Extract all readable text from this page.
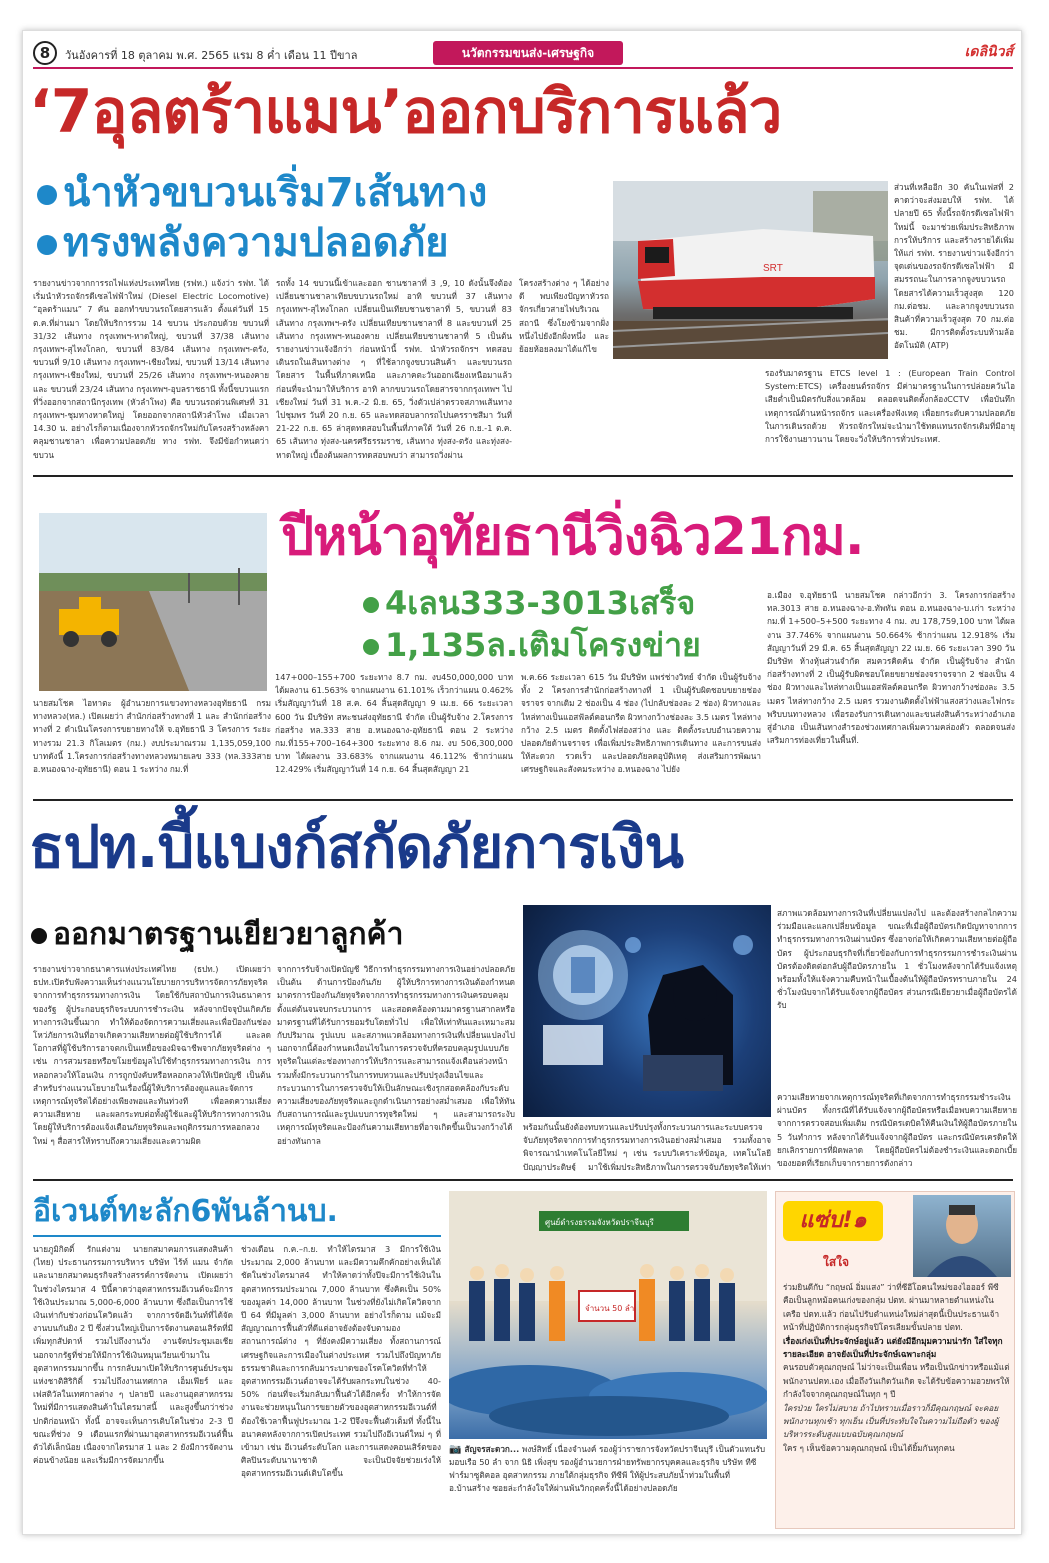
8	วันอังคารที่ 18 ตุลาคม พ.ศ. 2565 แรม 8 ค่ำ เดือน 11 ปีขาล	นวัตกรรมขนส่ง-เศรษฐกิจ	เดลินิวส์
‘7อุลตร้าแมน’ออกบริการแล้ว
นำหัวขบวนเริ่ม7เส้นทาง
ทรงพลังความปลอดภัย
SRT
รายงานข่าวจากการรถไฟแห่งประเทศไทย (รฟท.) แจ้งว่า รฟท. ได้เริ่มนำหัวรถจักรดีเซลไฟฟ้าใหม่ (Diesel Electric Locomotive) “อุลตร้าแมน” 7 คัน ออกทำขบวนรถโดยสารแล้ว ตั้งแต่วันที่ 15 ต.ค.ที่ผ่านมา โดยให้บริการรวม 14 ขบวน ประกอบด้วย ขบวนที่ 31/32 เส้นทาง กรุงเทพฯ-หาดใหญ่, ขบวนที่ 37/38 เส้นทาง กรุงเทพฯ-สุไหงโกลก, ขบวนที่ 83/84 เส้นทาง กรุงเทพฯ-ตรัง, ขบวนที่ 9/10 เส้นทาง กรุงเทพฯ-เชียงใหม่, ขบวนที่ 13/14 เส้นทาง กรุงเทพฯ-เชียงใหม่, ขบวนที่ 25/26 เส้นทาง กรุงเทพฯ-หนองคาย และ ขบวนที่ 23/24 เส้นทาง กรุงเทพฯ-อุบลราชธานี ทั้งนี้ขบวนแรกที่วิ่งออกจากสถานีกรุงเทพ (หัวลำโพง) คือ ขบวนรถด่วนพิเศษที่ 31 กรุงเทพฯ-ชุมทางหาดใหญ่ โดยออกจากสถานีหัวลำโพง เมื่อเวลา 14.30 น. อย่างไรก็ตามเนื่องจากหัวรถจักรใหม่กับโครงสร้างหลังคาคลุมชานชาลา เพื่อความปลอดภัย ทาง รฟท. จึงมีข้อกำหนดว่าขบวน
รถทั้ง 14 ขบวนนี้เข้าและออก ชานชาลาที่ 3 ,9, 10 ดังนั้นจึงต้องเปลี่ยนชานชาลาเทียบขบวนรถใหม่ อาทิ ขบวนที่ 37 เส้นทาง กรุงเทพฯ-สุไหงโกลก เปลี่ยนเป็นเทียบชานชาลาที่ 5, ขบวนที่ 83 เส้นทาง กรุงเทพฯ-ตรัง เปลี่ยนเทียบชานชาลาที่ 8 และขบวนที่ 25 เส้นทาง กรุงเทพฯ-หนองคาย เปลี่ยนเทียบชานชาลาที่ 5 เป็นต้น รายงานข่าวแจ้งอีกว่า ก่อนหน้านี้ รฟท. นำหัวรถจักรฯ ทดสอบเดินรถในเส้นทางต่าง ๆ ที่ใช้ลากจูงขบวนสินค้า และขบวนรถโดยสาร ในพื้นที่ภาคเหนือ และภาคตะวันออกเฉียงเหนือมาแล้ว ก่อนที่จะนำมาให้บริการ อาทิ ลากขบวนรถโดยสารจากกรุงเทพฯ ไปเชียงใหม่ วันที่ 31 พ.ค.-2 มิ.ย. 65, วิ่งตัวเปล่าตรวจสภาพเส้นทางไปชุมพร วันที่ 20 ก.ย. 65 และทดสอบลากรถไปนครราชสีมา วันที่ 21-22 ก.ย. 65 ล่าสุดทดสอบในพื้นที่ภาคใต้ วันที่ 26 ก.ย.-1 ต.ค. 65 เส้นทาง ทุ่งสง-นครศรีธรรมราช, เส้นทาง ทุ่งสง-ตรัง และทุ่งสง-หาดใหญ่ เบื้องต้นผลการทดสอบพบว่า สามารถวิ่งผ่าน
โครงสร้างต่าง ๆ ได้อย่างดี พบเพียงปัญหาหัวรถจักรเกี่ยวสายไฟบริเวณสถานี ซึ่งโยงข้ามจากฝั่งหนึ่งไปยังอีกฝั่งหนึ่ง และย้อยห้อยลงมาได้แก้ไข
ส่วนที่เหลืออีก 30 คันในเฟสที่ 2 คาดว่าจะส่งมอบให้ รฟท. ได้ปลายปี 65 ทั้งนี้รถจักรดีเซลไฟฟ้าใหม่นี้ จะมาช่วยเพิ่มประสิทธิภาพการให้บริการ และสร้างรายได้เพิ่มให้แก่ รฟท. รายงานข่าวแจ้งอีกว่า จุดเด่นของรถจักรดีเซลไฟฟ้า มีสมรรถนะในการลากจูงขบวนรถโดยสารได้ความเร็วสูงสุด 120 กม.ต่อชม. และลากจูงขบวนรถสินค้าที่ความเร็วสูงสุด 70 กม.ต่อ ชม. มีการติดตั้งระบบห้ามล้อ อัตโนมัติ (ATP)
รองรับมาตรฐาน ETCS level 1 : (European Train Control System:ETCS) เครื่องยนต์รถจักร มีค่ามาตรฐานในการปล่อยควันไอเสียต่ำเป็นมิตรกับสิ่งแวดล้อม ตลอดจนติดตั้งกล้องCCTV เพื่อบันทึกเหตุการณ์ด้านหน้ารถจักร และเครื่องฟังเหตุ เพื่อยกระดับความปลอดภัยในการเดินรถด้วย หัวรถจักรใหม่จะนำมาใช้ทดแทนรถจักรเดิมที่มีอายุการใช้งานยาวนาน โดยจะวิ่งให้บริการทั่วประเทศ.
ปีหน้าอุทัยธานีวิ่งฉิว21กม.
4เลน333-3013เสร็จ
1,135ล.เติมโครงข่าย
นายสมโชค ไอทาตะ ผู้อำนวยการแขวงทางหลวงอุทัยธานี กรมทางหลวง(ทล.) เปิดเผยว่า สำนักก่อสร้างทางที่ 1 และ สำนักก่อสร้างทางที่ 2 ดำเนินโครงการขยายทางให้ จ.อุทัยธานี 3 โครงการ ระยะทางรวม 21.3 กิโลเมตร (กม.) งบประมาณรวม 1,135,059,100 บาทดังนี้ 1.โครงการก่อสร้างทางหลวงหมายเลข 333 (ทล.333สาย อ.หนองฉาง-อุทัยธานี) ตอน 1 ระหว่าง กม.ที่
147+000–155+700 ระยะทาง 8.7 กม. งบ450,000,000 บาท ได้ผลงาน 61.563% จากแผนงาน 61.101% เร็วกว่าแผน 0.462% เริ่มสัญญาวันที่ 18 ส.ค. 64 สิ้นสุดสัญญา 9 เม.ย. 66 ระยะเวลา 600 วัน มีบริษัท สหะชนส่งอุทัยธานี จำกัด เป็นผู้รับจ้าง 2.โครงการก่อสร้าง ทล.333 สาย อ.หนองฉาง-อุทัยธานี ตอน 2 ระหว่าง กม.ที่155+700–164+300 ระยะทาง 8.6 กม. งบ 506,300,000 บาท ได้ผลงาน 33.683% จากแผนงาน 46.112% ช้ากว่าแผน 12.429% เริ่มสัญญาวันที่ 14 ก.ย. 64 สิ้นสุดสัญญา 21
พ.ค.66 ระยะเวลา 615 วัน มีบริษัท แพร่ช่างวิทย์ จำกัด เป็นผู้รับจ้าง ทั้ง 2 โครงการสำนักก่อสร้างทางที่ 1 เป็นผู้รับผิดชอบขยายช่องจราจร จากเดิม 2 ช่องเป็น 4 ช่อง (ไปกลับช่องละ 2 ช่อง) ผิวทางและไหล่ทางเป็นแอสฟัลต์คอนกรีต ผิวทางกว้างช่องละ 3.5 เมตร ไหล่ทางกว้าง 2.5 เมตร ติดตั้งไฟส่องสว่าง และ ติดตั้งระบบอำนวยความปลอดภัยด้านจราจร เพื่อเพิ่มประสิทธิภาพการเดินทาง และการขนส่งให้สะดวก รวดเร็ว และปลอดภัยลดอุบัติเหตุ ส่งเสริมการพัฒนาเศรษฐกิจและสังคมระหว่าง อ.หนองฉาง ไปยัง
อ.เมือง จ.อุทัยธานี นายสมโชค กล่าวอีกว่า 3. โครงการก่อสร้าง ทล.3013 สาย อ.หนองฉาง-อ.ทัพทัน ตอน อ.หนองฉาง-บ.เก่า ระหว่าง กม.ที่ 1+500–5+500 ระยะทาง 4 กม. งบ 178,759,100 บาท ได้ผลงาน 37.746% จากแผนงาน 50.664% ช้ากว่าแผน 12.918% เริ่มสัญญาวันที่ 29 มี.ค. 65 สิ้นสุดสัญญา 22 เม.ย. 66 ระยะเวลา 390 วัน มีบริษัท ห้างหุ้นส่วนจำกัด สมควรคิดค้น จำกัด เป็นผู้รับจ้าง สำนักก่อสร้างทางที่ 2 เป็นผู้รับผิดชอบโดยขยายช่องจราจรจาก 2 ช่องเป็น 4 ช่อง ผิวทางและไหล่ทางเป็นแอสฟัลต์คอนกรีต ผิวทางกว้างช่องละ 3.5 เมตร ไหล่ทางกว้าง 2.5 เมตร รวมงานติดตั้งไฟฟ้าแสงสว่างและไฟกระพริบบนทางหลวง เพื่อรองรับการเดินทางและขนส่งสินค้าระหว่างอำเภอสู่อำเภอ เป็นเส้นทางสำรองช่วงเทศกาลเพิ่มความคล่องตัว ตลอดจนส่งเสริมการท่องเที่ยวในพื้นที่.
ธปท.บี้แบงก์สกัดภัยการเงิน
ออกมาตรฐานเยียวยาลูกค้า
รายงานข่าวจากธนาคารแห่งประเทศไทย (ธปท.) เปิดเผยว่า ธปท.เปิดรับฟังความเห็นร่างแนวนโยบายการบริหารจัดการภัยทุจริตจากการทำธุรกรรมทางการเงิน โดยใช้กับสถาบันการเงินธนาคารของรัฐ ผู้ประกอบธุรกิจระบบการชำระเงิน หลังจากปัจจุบันเกิดภัยทางการเงินขึ้นมาก ทำให้ต้องจัดการความเสี่ยงและเพื่อป้องกันช่องโหว่ภัยการเงินที่อาจเกิดความเสียหายต่อผู้ใช้บริการได้ และลดโอกาสที่ผู้ใช้บริการอาจตกเป็นเหยื่อของมิจฉาชีพจากภัยทุจริตต่าง ๆ เช่น การสวมรอยหรือขโมยข้อมูลไปใช้ทำธุรกรรมทางการเงิน การหลอกลวงให้โอนเงิน การถูกบังคับหรือหลอกลวงให้เปิดบัญชี เป็นต้น สำหรับร่างแนวนโยบายในเรื่องนี้ผู้ให้บริการต้องดูแลและจัดการเหตุการณ์ทุจริตได้อย่างเพียงพอและทันท่วงที เพื่อลดความเสี่ยง ความเสียหาย และผลกระทบต่อทั้งผู้ใช้และผู้ให้บริการทางการเงิน โดยผู้ให้บริการต้องแจ้งเตือนภัยทุจริตและพฤติกรรมการหลอกลวงใหม่ ๆ สื่อสารให้ทราบถึงความเสี่ยงและความผิด
จากการรับจ้างเปิดบัญชี วิธีการทำธุรกรรมทางการเงินอย่างปลอดภัย เป็นต้น ด้านการป้องกันภัย ผู้ให้บริการทางการเงินต้องกำหนดมาตรการป้องกันภัยทุจริตจากการทำธุรกรรมทางการเงินครอบคลุมตั้งแต่ต้นจนจบกระบวนการ และสอดคล้องตามมาตรฐานสากลหรือมาตรฐานที่ได้รับการยอมรับโดยทั่วไป เพื่อให้เท่าทันและเหมาะสมกับปริมาณ รูปแบบ และสภาพแวดล้อมทางการเงินที่เปลี่ยนแปลงไป นอกจากนี้ต้องกำหนดเงื่อนไขในการตรวจจับที่ครอบคลุมรูปแบบภัยทุจริตในแต่ละช่องทางการให้บริการและสามารถแจ้งเตือนล่วงหน้า รวมทั้งมีกระบวนการในการทบทวนและปรับปรุงเงื่อนไขและกระบวนการในการตรวจจับให้เป็นลักษณะเชิงรุกสอดคล้องกับระดับความเสี่ยงของภัยทุจริตและถูกดำเนินการอย่างสม่ำเสมอ เพื่อให้ทันกับสถานการณ์และรูปแบบการทุจริตใหม่ ๆ และสามารถระงับเหตุการณ์ทุจริตและป้องกันความเสียหายที่อาจเกิดขึ้นเป็นวงกว้างได้อย่างทันกาล
พร้อมกันนั้นยังต้องทบทวนและปรับปรุงทั้งกระบวนการและระบบตรวจจับภัยทุจริตจากการทำธุรกรรมทางการเงินอย่างสม่ำเสมอ รวมทั้งอาจพิจารณานำเทคโนโลยีใหม่ ๆ เช่น ระบบวิเคราะห์ข้อมูล, เทคโนโลยีปัญญาประดิษฐ์ มาใช้เพิ่มประสิทธิภาพในการตรวจจับภัยทุจริตให้เท่า
สภาพแวดล้อมทางการเงินที่เปลี่ยนแปลงไป และต้องสร้างกลไกความร่วมมือและแลกเปลี่ยนข้อมูล ขณะที่เมื่อผู้ถือบัตรเกิดปัญหาจากการทำธุรกรรมทางการเงินผ่านบัตร ซึ่งอาจก่อให้เกิดความเสียหายต่อผู้ถือบัตร ผู้ประกอบธุรกิจที่เกี่ยวข้องกับการทำธุรกรรมการชำระเงินผ่านบัตรต้องติดต่อกลับผู้ถือบัตรภายใน 1 ชั่วโมงหลังจากได้รับแจ้งเหตุ พร้อมทั้งให้แจ้งความคืบหน้าในเบื้องต้นให้ผู้ถือบัตรทราบภายใน 24 ชั่วโมงนับจากได้รับแจ้งจากผู้ถือบัตร ส่วนกรณีเยียวยาเมื่อผู้ถือบัตรได้รับ
ความเสียหายจากเหตุการณ์ทุจริตที่เกิดจากการทำธุรกรรมชำระเงินผ่านบัตร ทั้งกรณีที่ได้รับแจ้งจากผู้ถือบัตรหรือเมื่อพบความเสียหายจากการตรวจสอบเพิ่มเติม กรณีบัตรเดบิตให้คืนเงินให้ผู้ถือบัตรภายใน 5 วันทำการ หลังจากได้รับแจ้งจากผู้ถือบัตร และกรณีบัตรเครดิตให้ยกเลิกรายการที่ผิดพลาด โดยผู้ถือบัตรไม่ต้องชำระเงินและดอกเบี้ยของยอดที่เรียกเก็บจากรายการดังกล่าว
อีเวนต์ทะลัก6พันล้านบ.
นายภูมิกิตติ์ รักแต่งาม นายกสมาคมการแสดงสินค้า (ไทย) ประธานกรรมการบริหาร บริษัท ไร้ท์ แมน จำกัด และนายกสมาคมธุรกิจสร้างสรรค์การจัดงาน เปิดเผยว่า ในช่วงไตรมาส 4 ปีนี้คาดว่าอุตสาหกรรมอีเวนต์จะมีการใช้เงินประมาณ 5,000-6,000 ล้านบาท ซึ่งถือเป็นการใช้เงินเท่ากับช่วงก่อนโควิดแล้ว จากการจัดอีเว้นท์ที่ได้จัดงานบนกันยิง 2 ปี ซึ่งส่วนใหญ่เป็นการจัดงานคอนเสิร์ตที่มีเพิ่มทุกสัปดาห์ รวมไปถึงงานวิ่ง งานจัดประชุมเอเชียนอกจากรัฐที่ช่วยให้มีการใช้เงินหมุนเวียนเข้ามาในอุตสาหกรรมมากขึ้น การกลับมาเปิดให้บริการศูนย์ประชุมแห่งชาติสิริกิติ์ รวมไปถึงงานเทศกาล เอ็มเฟียร์ และเฟสติวัลในเทศกาลต่าง ๆ ปลายปี และงานอุตสาหกรรมใหม่ที่มีการแสดงสินค้าในไตรมาสนี้ และสูงขึ้นกว่าช่วงปกติก่อนหน้า ทั้งนี้ อาจจะเห็นการเติบโตในช่วง 2-3 ปี ขณะที่ช่วง 9 เดือนแรกที่ผ่านมาอุตสาหกรรมอีเวนต์ฟื้นตัวได้เล็กน้อย เนื่องจากไตรมาส 1 และ 2 ยังมีการจัดงานค่อนข้างน้อย และเริ่มมีการจัดมากขึ้น
ช่วงเดือน ก.ค.–ก.ย. ทำให้ไตรมาส 3 มีการใช้เงินประมาณ 2,000 ล้านบาท และมีความคึกคักอย่างเห็นได้ชัดในช่วงไตรมาส4 ทำให้คาดว่าทั้งปีจะมีการใช้เงินในอุตสาหกรรมประมาณ 7,000 ล้านบาท ซึ่งคิดเป็น 50% ของมูลค่า 14,000 ล้านบาท ในช่วงที่ยังไม่เกิดโควิดจากปี 64 ที่มีมูลค่า 3,000 ล้านบาท อย่างไรก็ตาม แม้จะมีสัญญาณการฟื้นตัวที่ดีแต่อาจยังต้องจับตามองสถานการณ์ต่าง ๆ ที่ยังคงมีความเสี่ยง ทั้งสถานการณ์เศรษฐกิจและการเมืองในต่างประเทศ รวมไปถึงปัญหาภัยธรรมชาติและการกลับมาระบาดของโรคโควิดที่ทำให้อุตสาหกรรมอีเวนต์อาจจะได้รับผลกระทบในช่วง 40-50% ก่อนที่จะเริ่มกลับมาฟื้นตัวได้อีกครั้ง ทำให้การจัดงานจะช่วยหนุนในการขยายตัวของอุตสาหกรรมอีเวนต์ที่ต้องใช้เวลาฟื้นฟูประมาณ 1-2 ปีจึงจะฟื้นตัวเต็มที่ ทั้งนี้ในอนาคตหลังจากการเปิดประเทศ รวมไปถึงอีเวนต์ใหม่ ๆ ที่เข้ามา เช่น อีเวนต์ระดับโลก และการแสดงคอนเสิร์ตของศิลปินระดับนานาชาติ จะเป็นปัจจัยช่วยเร่งให้อุตสาหกรรมอีเวนต์เติบโตขึ้น
ศูนย์ดำรงธรรมจังหวัดปราจีนบุรี
จำนวน 50 ลำ
📷 สัญจรสะดวก... พงษ์สิทธิ์ เนื่องจำนงค์ รองผู้ว่าราชการจังหวัดปราจีนบุรี เป็นตัวแทนรับมอบเรือ 50 ลำ จาก นิธิ เพิ่งสุข รองผู้อำนวยการฝ่ายทรัพยากรบุคคลและธุรกิจ บริษัท ทีซี ฟาร์มาซูติคอล อุตสาหกรรม ภายใต้กลุ่มธุรกิจ ทีซีพี ให้ผู้ประสบภัยน้ำท่วมในพื้นที่ อ.บ้านสร้าง ซอยล่ะกำลังใจให้ผ่านพ้นวิกฤตครั้งนี้ได้อย่างปลอดภัย
แซ่บ!๑
ใสใจ
ร่วมยินดีกับ “กฤษณ์ อิ่มแสง” ว่าที่ซีอีโอคนใหม่ของไอออร์ พีซี คือเป็นลูกหม้อคนเก่งของกลุ่ม ปตท. ผ่านมาหลายตำแหน่งในเครือ ปตท.แล้ว ก่อนไปรับตำแหน่งใหม่ล่าสุดนี้เป็นประธานเจ้าหน้าที่ปฏิบัติการกลุ่มธุรกิจปิโตรเลียมขั้นปลาย ปตท.
เรื่องเก่งเป็นที่ประจักษ์อยู่แล้ว แต่ยังมีอีกมุมความน่ารัก ใส่ใจทุกรายละเอียด อาจยังเป็นที่ประจักษ์เฉพาะกลุ่ม
คนรอบตัวคุณกฤษณ์ ไม่ว่าจะเป็นเพื่อน หรือเป็นนักข่าวหรือแม้แต่พนักงานปตท.เอง เมื่อถึงวันเกิดวันเกิด จะได้รับข้อความอวยพรให้กำลังใจจากคุณกฤษณ์ในทุก ๆ ปี
ใครป่วย ใครไม่สบาย ถ้าไปทราบเมื่อราวก็มีคุณกฤษณ์ จะคอยพนักงานทุกเช้า ทุกเย็น เป็นที่ประทับใจในความไม่ถือตัว ของผู้บริหารระดับสูงแบบฉบับคุณกฤษณ์
ใคร ๆ เห็นข้อความคุณกฤษณ์ เป็นได้ยิ้มกันทุกคน
